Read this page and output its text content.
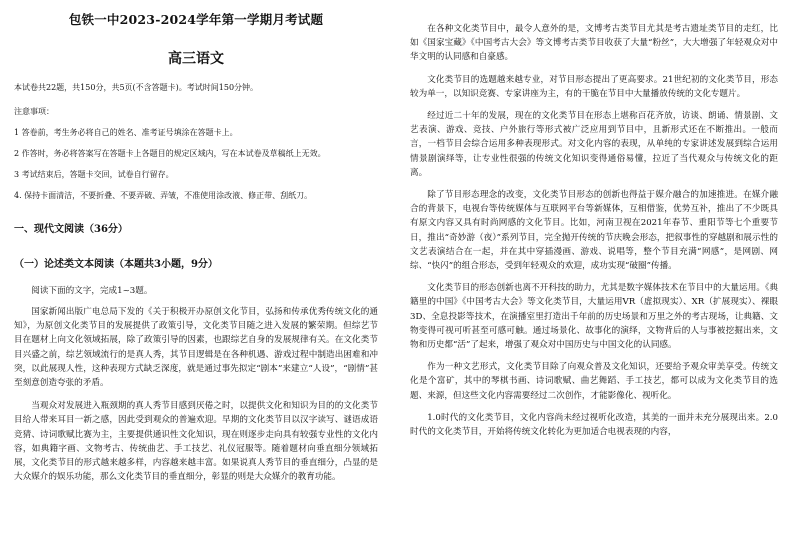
包铁一中2023-2024学年第一学期月考试题
高三语文
本试卷共22题，共150分，共5页(不含答题卡)。考试时间150分钟。
注意事项：
1 答卷前，考生务必将自己的姓名、准考证号填涂在答题卡上。
2 作答时，务必将答案写在答题卡上各题目的规定区域内，写在本试卷及草稿纸上无效。
3 考试结束后，答题卡交回，试卷自行留存。
4. 保持卡面清洁，不要折叠、不要弄破、弄皱，不准使用涂改液、修正带、刮纸刀。
一、现代文阅读（36分）
（一）论述类文本阅读（本题共3小题，9分）
阅读下面的文字，完成1~3题。

国家新闻出版广电总局下发的《关于积极开办原创文化节目，弘扬和传承优秀传统文化的通知》，为原创文化类节目的发展提供了政策引导，文化类节目随之进入发展的繁荣期。但综艺节目在题材上向文化领域拓展，除了政策引导的因素，也跟综艺自身的发展规律有关。在文化类节目兴盛之前，综艺领域流行的是真人秀，其节目逻辑是在各种机遇、游戏过程中制造出困难和冲突，以此展现人性，这种表现方式缺乏深度，就是通过事先拟定“剧本”来建立“人设”，“剧情”甚至刻意创造夸张的矛盾。

当观众对发展进入瓶颈期的真人秀节目感到厌倦之时，以提供文化和知识为目的的文化类节目给人带来耳目一新之感，因此受到观众的普遍欢迎。早期的文化类节目以汉字读写、谜语成语竞猜、诗词歌赋比赛为主，主要提供通识性文化知识，现在则逐步走向具有较强专业性的文化内容，如典籍字画、文物考古、传统曲艺、手工技艺、礼仪冠服等。随着题材向垂直细分领域拓展，文化类节目的形式越来越多样，内容越来越丰富。如果说真人秀节目的垂直细分，凸显的是大众媒介的娱乐功能，那么文化类节目的垂直细分，彰显的则是大众媒介的教育功能。

在各种文化类节目中，最令人意外的是，文博考古类节目尤其是考古遗址类节目的走红，比如《国家宝藏》《中国考古大会》等文博考古类节目收获了大量“粉丝”，大大增强了年轻观众对中华文明的认同感和自豪感。

文化类节目的选题越来越专业，对节目形态提出了更高要求。21世纪初的文化类节目，形态较为单一，以知识竞赛、专家讲座为主，有的干脆在节目中大量播放传统的文化专题片。

经过近二十年的发展，现在的文化类节目在形态上堪称百花齐放，访谈、朗诵、情景剧、文艺表演、游戏、竞技、户外旅行等形式被广泛应用到节目中，且新形式还在不断推出。一般而言，一档节目会综合运用多种表现形式。对文化内容的表现，从单纯的专家讲述发展到综合运用情景剧演绎等，让专业性很强的传统文化知识变得通俗易懂，拉近了当代观众与传统文化的距离。

除了节目形态理念的改变，文化类节目形态的创新也得益于媒介融合的加速推进。在媒介融合的背景下，电视台等传统媒体与互联网平台等新媒体，互相借鉴，优势互补，推出了不少既具有原文内容又具有时尚网感的文化节目。比如，河南卫视在2021年春节、重阳节等七个重要节日，推出“奇妙游（夜）”系列节目，完全抛开传统的节庆晚会形态，把叙事性的穿越剧和展示性的文艺表演结合在一起，并在其中穿插漫画、游戏、说唱等，整个节目充满“网感”，是网剧、网综、“快闪”的组合形态，受到年轻观众的欢迎，成功实现“破圈”传播。

文化类节目的形态创新也离不开科技的助力，尤其是数字媒体技术在节目中的大量运用。《典籍里的中国》《中国考古大会》等文化类节目，大量运用VR（虚拟现实）、XR（扩展现实）、裸眼3D、全息投影等技术，在演播室里打造出千年前的历史场景和万里之外的考古现场，让典籍、文物变得可视可听甚至可感可触。通过场景化、故事化的演绎，文物背后的人与事被挖掘出来，文物和历史都“活”了起来，增强了观众对中国历史与中国文化的认同感。

作为一种文艺形式，文化类节目除了向观众普及文化知识，还要给予观众审美享受。传统文化是个富矿，其中的琴棋书画、诗词歌赋、曲艺舞蹈、手工技艺，都可以成为文化类节目的选题、来源，但这些文化内容需要经过二次创作，才能影像化、视听化。

1.0时代的文化类节目，文化内容尚未经过视听化改造，其美的一面并未充分展现出来。2.0时代的文化类节目，开始将传统文化转化为更加适合电视表现的内容，
